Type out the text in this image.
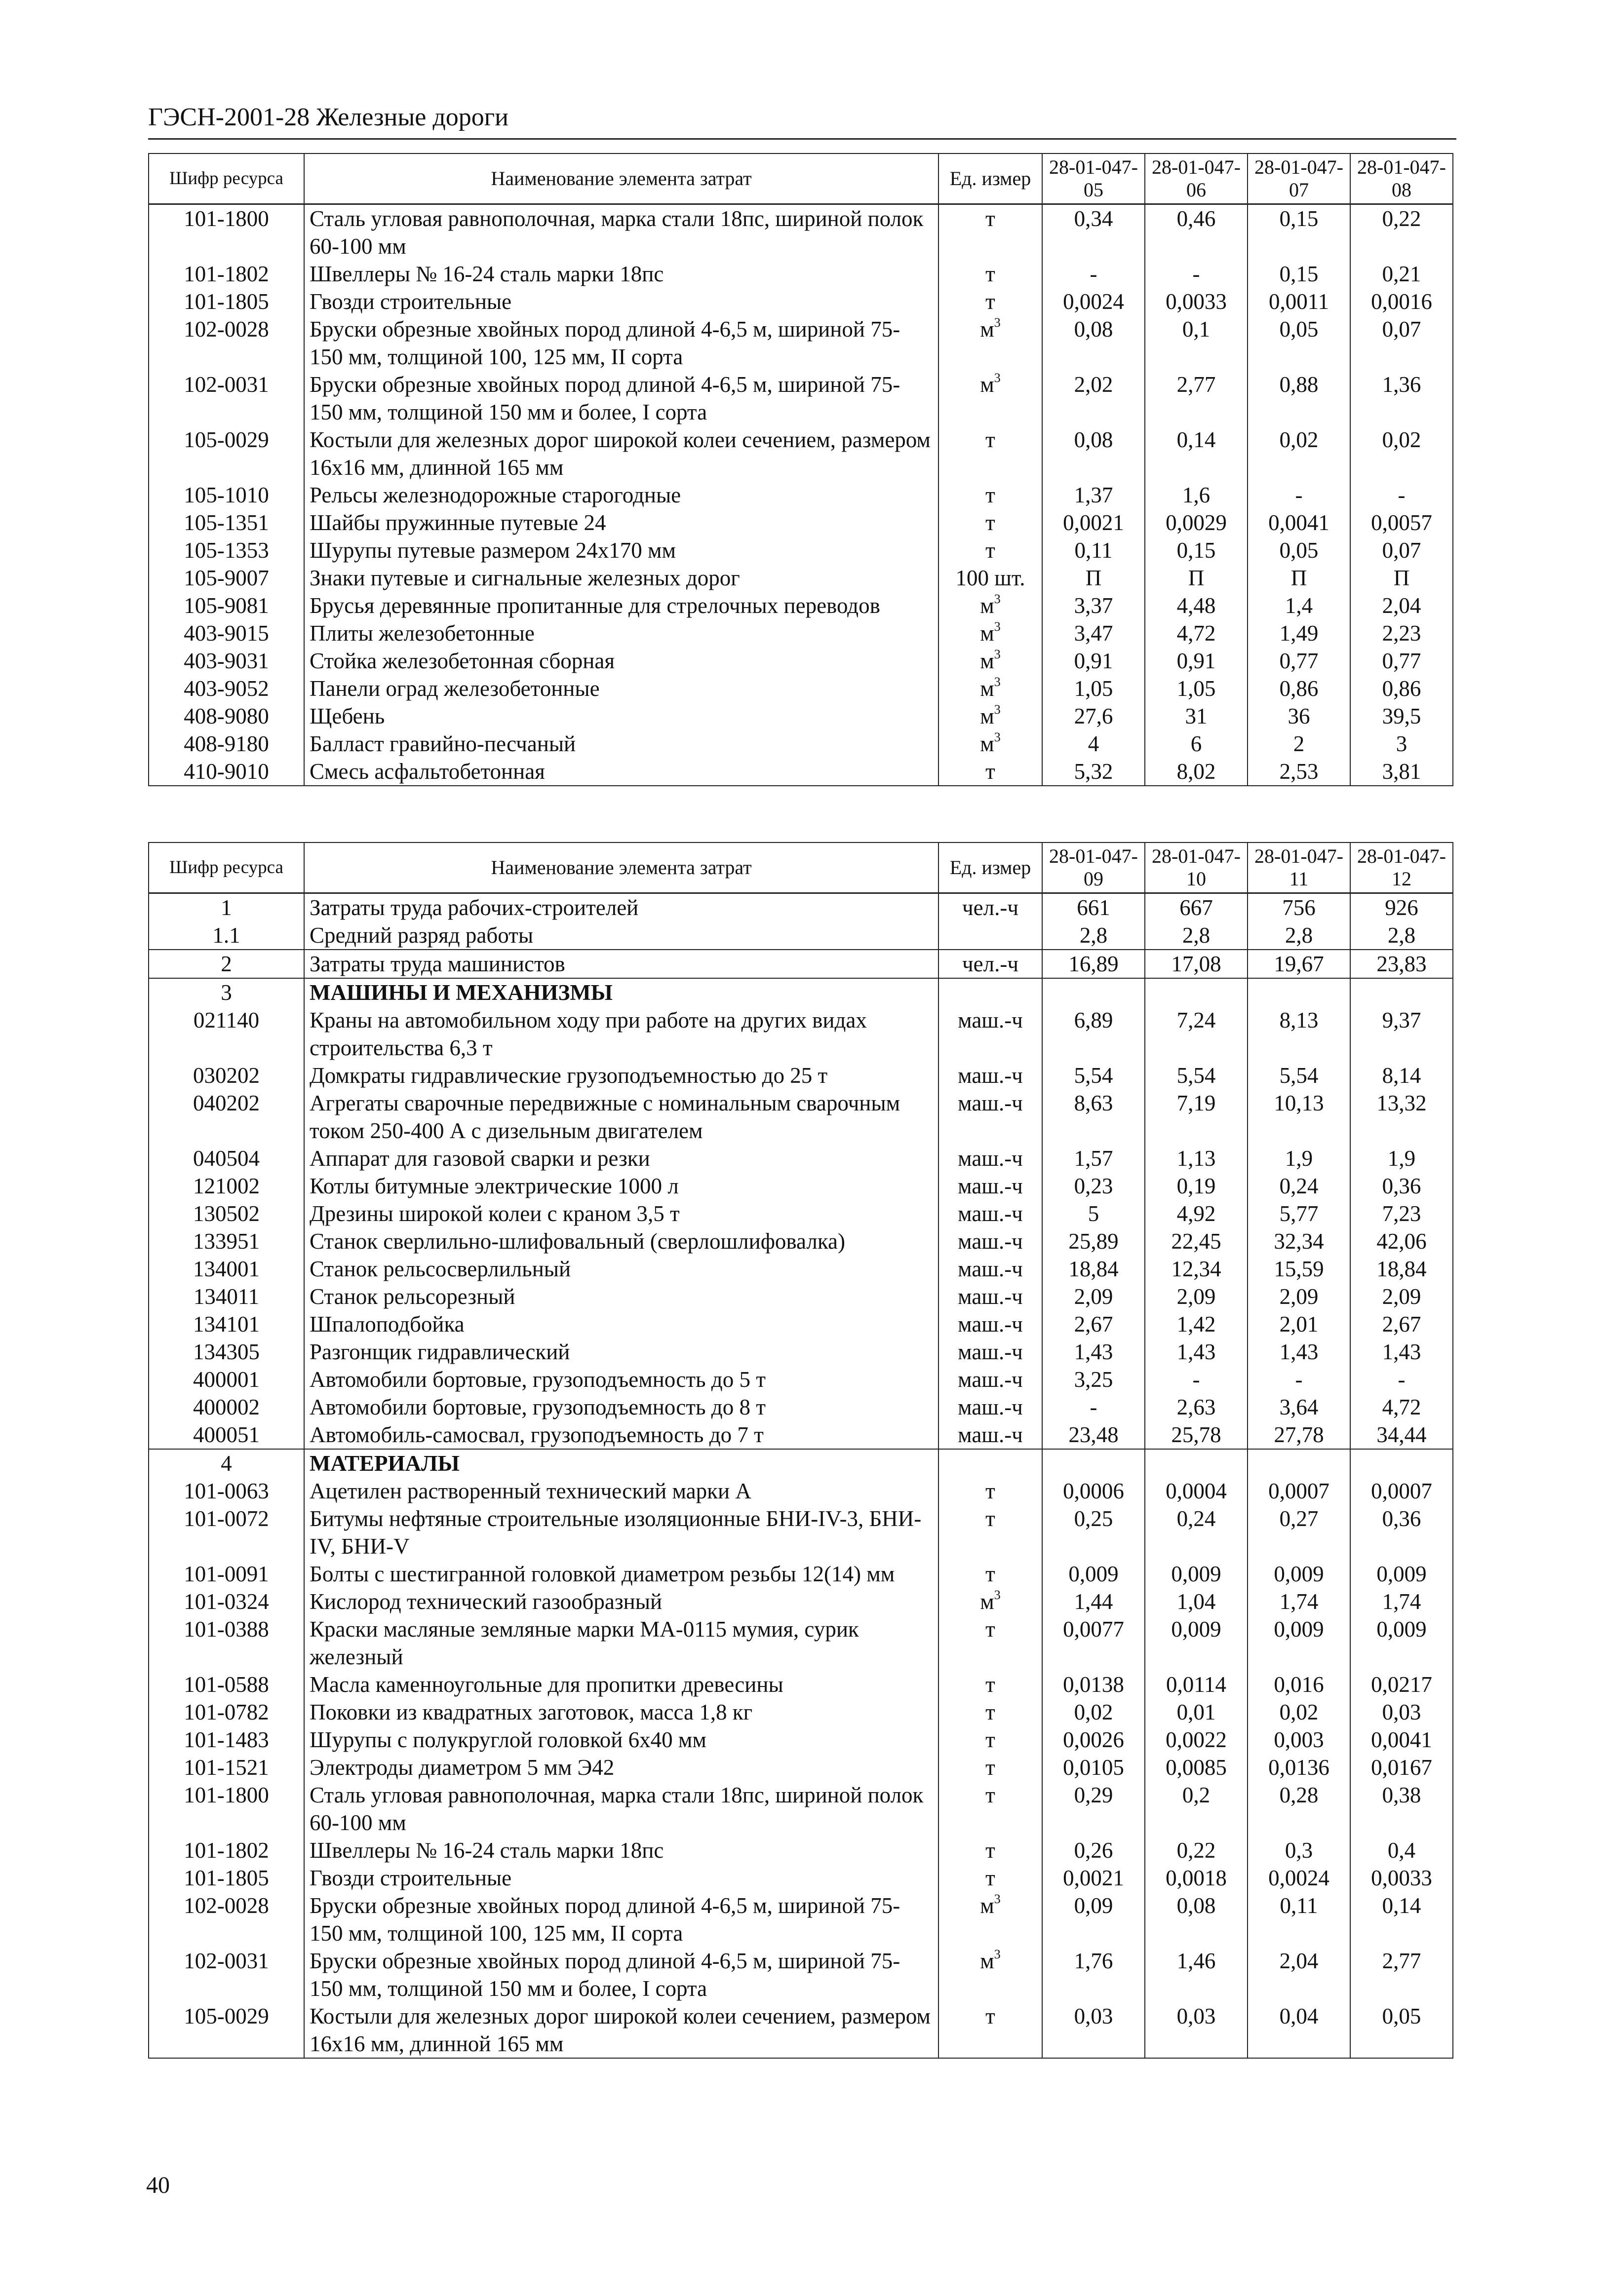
ГЭСН-2001-28 Железные дороги
Шифр ресурса	Наименование элемента затрат	Ед. измер	28-01-047-05	28-01-047-06	28-01-047-07	28-01-047-08
101-1800	Сталь угловая равнополочная, марка стали 18пс, шириной полок 60-100 мм	т	0,34	0,46	0,15	0,22
101-1802	Швеллеры № 16-24 сталь марки 18пс	т	-	-	0,15	0,21
101-1805	Гвозди строительные	т	0,0024	0,0033	0,0011	0,0016
102-0028	Бруски обрезные хвойных пород длиной 4-6,5 м, шириной 75-150 мм, толщиной 100, 125 мм, II сорта	$м^3$	0,08	0,1	0,05	0,07
102-0031	Бруски обрезные хвойных пород длиной 4-6,5 м, шириной 75-150 мм, толщиной 150 мм и более, I сорта	$м^3$	2,02	2,77	0,88	1,36
105-0029	Костыли для железных дорог широкой колеи сечением, размером 16х16 мм, длинной 165 мм	т	0,08	0,14	0,02	0,02
105-1010	Рельсы железнодорожные старогодные	т	1,37	1,6	-	-
105-1351	Шайбы пружинные путевые 24	т	0,0021	0,0029	0,0041	0,0057
105-1353	Шурупы путевые размером 24х170 мм	т	0,11	0,15	0,05	0,07
105-9007	Знаки путевые и сигнальные железных дорог	100 шт.	П	П	П	П
105-9081	Брусья деревянные пропитанные для стрелочных переводов	$м^3$	3,37	4,48	1,4	2,04
403-9015	Плиты железобетонные	$м^3$	3,47	4,72	1,49	2,23
403-9031	Стойка железобетонная сборная	$м^3$	0,91	0,91	0,77	0,77
403-9052	Панели оград железобетонные	$м^3$	1,05	1,05	0,86	0,86
408-9080	Щебень	$м^3$	27,6	31	36	39,5
408-9180	Балласт гравийно-песчаный	$м^3$	4	6	2	3
410-9010	Смесь асфальтобетонная	т	5,32	8,02	2,53	3,81
Шифр ресурса	Наименование элемента затрат	Ед. измер	28-01-047-09	28-01-047-10	28-01-047-11	28-01-047-12
1	Затраты труда рабочих-строителей	чел.-ч	661	667	756	926
1.1	Средний разряд работы		2,8	2,8	2,8	2,8
2	Затраты труда машинистов	чел.-ч	16,89	17,08	19,67	23,83
3	МАШИНЫ И МЕХАНИЗМЫ					
021140	Краны на автомобильном ходу при работе на других видах строительства 6,3 т	маш.-ч	6,89	7,24	8,13	9,37
030202	Домкраты гидравлические грузоподъемностью до 25 т	маш.-ч	5,54	5,54	5,54	8,14
040202	Агрегаты сварочные передвижные с номинальным сварочным током 250-400 А с дизельным двигателем	маш.-ч	8,63	7,19	10,13	13,32
040504	Аппарат для газовой сварки и резки	маш.-ч	1,57	1,13	1,9	1,9
121002	Котлы битумные электрические 1000 л	маш.-ч	0,23	0,19	0,24	0,36
130502	Дрезины широкой колеи с краном 3,5 т	маш.-ч	5	4,92	5,77	7,23
133951	Станок сверлильно-шлифовальный (сверлошлифовалка)	маш.-ч	25,89	22,45	32,34	42,06
134001	Станок рельсосверлильный	маш.-ч	18,84	12,34	15,59	18,84
134011	Станок рельсорезный	маш.-ч	2,09	2,09	2,09	2,09
134101	Шпалоподбойка	маш.-ч	2,67	1,42	2,01	2,67
134305	Разгонщик гидравлический	маш.-ч	1,43	1,43	1,43	1,43
400001	Автомобили бортовые, грузоподъемность до 5 т	маш.-ч	3,25	-	-	-
400002	Автомобили бортовые, грузоподъемность до 8 т	маш.-ч	-	2,63	3,64	4,72
400051	Автомобиль-самосвал, грузоподъемность до 7 т	маш.-ч	23,48	25,78	27,78	34,44
4	МАТЕРИАЛЫ					
101-0063	Ацетилен растворенный технический марки А	т	0,0006	0,0004	0,0007	0,0007
101-0072	Битумы нефтяные строительные изоляционные БНИ-IV-3, БНИ-IV, БНИ-V	т	0,25	0,24	0,27	0,36
101-0091	Болты с шестигранной головкой диаметром резьбы 12(14) мм	т	0,009	0,009	0,009	0,009
101-0324	Кислород технический газообразный	$м^3$	1,44	1,04	1,74	1,74
101-0388	Краски масляные земляные марки МА-0115 мумия, сурик железный	т	0,0077	0,009	0,009	0,009
101-0588	Масла каменноугольные для пропитки древесины	т	0,0138	0,0114	0,016	0,0217
101-0782	Поковки из квадратных заготовок, масса 1,8 кг	т	0,02	0,01	0,02	0,03
101-1483	Шурупы с полукруглой головкой 6х40 мм	т	0,0026	0,0022	0,003	0,0041
101-1521	Электроды диаметром 5 мм Э42	т	0,0105	0,0085	0,0136	0,0167
101-1800	Сталь угловая равнополочная, марка стали 18пс, шириной полок 60-100 мм	т	0,29	0,2	0,28	0,38
101-1802	Швеллеры № 16-24 сталь марки 18пс	т	0,26	0,22	0,3	0,4
101-1805	Гвозди строительные	т	0,0021	0,0018	0,0024	0,0033
102-0028	Бруски обрезные хвойных пород длиной 4-6,5 м, шириной 75-150 мм, толщиной 100, 125 мм, II сорта	$м^3$	0,09	0,08	0,11	0,14
102-0031	Бруски обрезные хвойных пород длиной 4-6,5 м, шириной 75-150 мм, толщиной 150 мм и более, I сорта	$м^3$	1,76	1,46	2,04	2,77
105-0029	Костыли для железных дорог широкой колеи сечением, размером 16х16 мм, длинной 165 мм	т	0,03	0,03	0,04	0,05
40
